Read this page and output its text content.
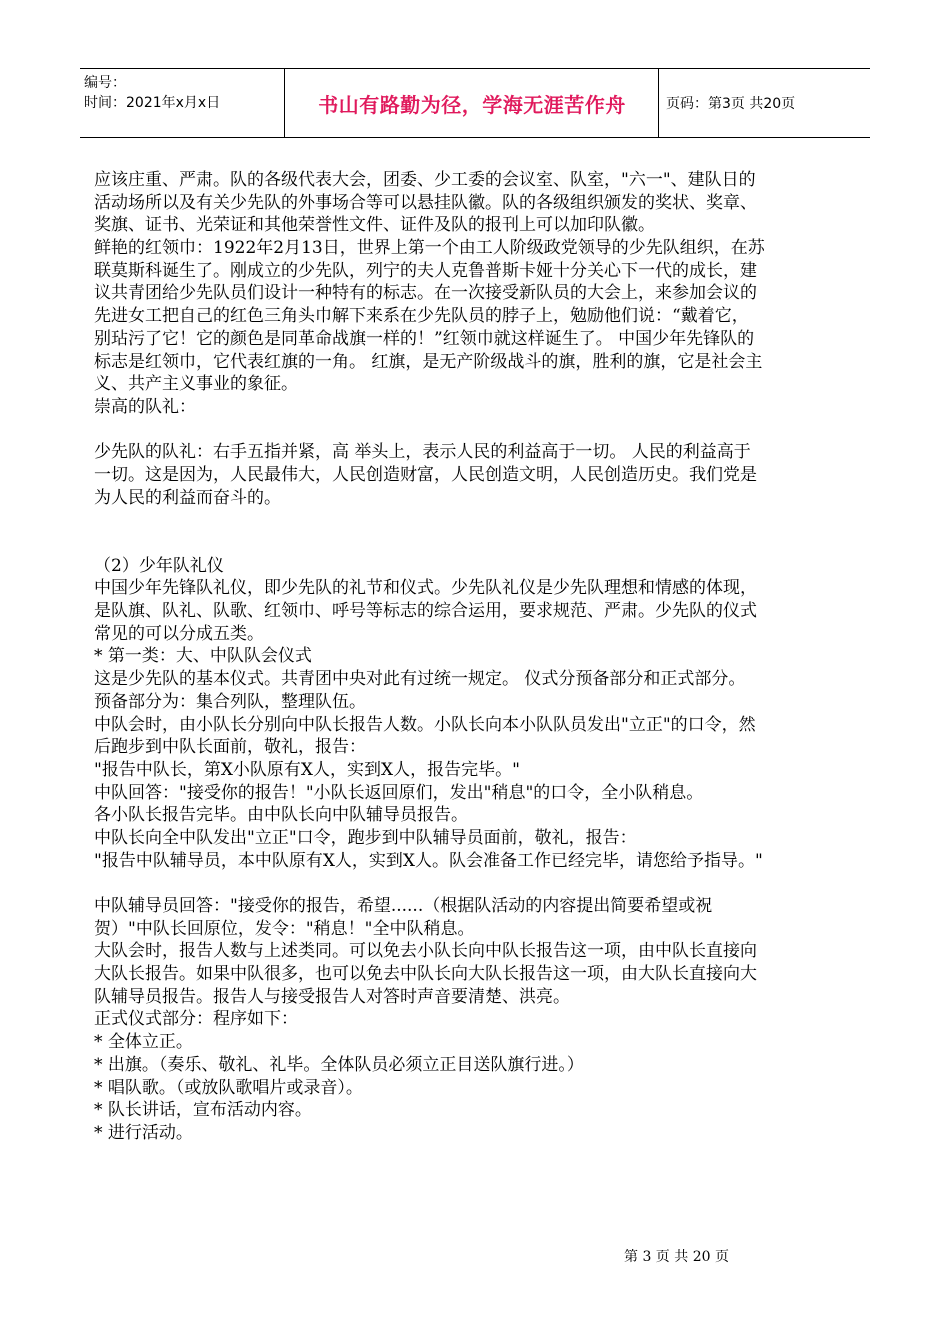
编号：
时间：2021年x月x日	书山有路勤为径，学海无涯苦作舟	页码：第3页 共20页
应该庄重、严肃。队的各级代表大会，团委、少工委的会议室、队室，"六一"、建队日的
活动场所以及有关少先队的外事场合等可以悬挂队徽。队的各级组织颁发的奖状、奖章、
奖旗、证书、光荣证和其他荣誉性文件、证件及队的报刊上可以加印队徽。
鲜艳的红领巾：1922年2月13日，世界上第一个由工人阶级政党领导的少先队组织，在苏
联莫斯科诞生了。刚成立的少先队，列宁的夫人克鲁普斯卡娅十分关心下一代的成长，建
议共青团给少先队员们设计一种特有的标志。在一次接受新队员的大会上，来参加会议的
先进女工把自己的红色三角头巾解下来系在少先队员的脖子上，勉励他们说：“戴着它，
别玷污了它！它的颜色是同革命战旗一样的！”红领巾就这样诞生了。 中国少年先锋队的
标志是红领巾，它代表红旗的一角。 红旗，是无产阶级战斗的旗，胜利的旗，它是社会主
义、共产主义事业的象征。
崇高的队礼：
少先队的队礼：右手五指并紧，高 举头上，表示人民的利益高于一切。 人民的利益高于
一切。这是因为，人民最伟大，人民创造财富，人民创造文明，人民创造历史。我们党是
为人民的利益而奋斗的。
（2）少年队礼仪
中国少年先锋队礼仪，即少先队的礼节和仪式。少先队礼仪是少先队理想和情感的体现，
是队旗、队礼、队歌、红领巾、呼号等标志的综合运用，要求规范、严肃。少先队的仪式
常见的可以分成五类。
* 第一类：大、中队队会仪式
这是少先队的基本仪式。共青团中央对此有过统一规定。 仪式分预备部分和正式部分。
预备部分为：集合列队，整理队伍。
中队会时，由小队长分别向中队长报告人数。小队长向本小队队员发出"立正"的口令，然
后跑步到中队长面前，敬礼，报告：
"报告中队长，第X小队原有X人，实到X人，报告完毕。"
中队回答："接受你的报告！"小队长返回原们，发出"稍息"的口令，全小队稍息。
各小队长报告完毕。由中队长向中队辅导员报告。
中队长向全中队发出"立正"口令，跑步到中队辅导员面前，敬礼，报告：
"报告中队辅导员，本中队原有X人，实到X人。队会准备工作已经完毕，请您给予指导。"
中队辅导员回答："接受你的报告，希望......（根据队活动的内容提出简要希望或祝
贺）"中队长回原位，发令："稍息！"全中队稍息。
大队会时，报告人数与上述类同。可以免去小队长向中队长报告这一项，由中队长直接向
大队长报告。如果中队很多，也可以免去中队长向大队长报告这一项，由大队长直接向大
队辅导员报告。报告人与接受报告人对答时声音要清楚、洪亮。
正式仪式部分：程序如下：
* 全体立正。
* 出旗。（奏乐、敬礼、礼毕。全体队员必须立正目送队旗行进。）
* 唱队歌。（或放队歌唱片或录音）。
* 队长讲话，宣布活动内容。
* 进行活动。
第 3 页 共 20 页
